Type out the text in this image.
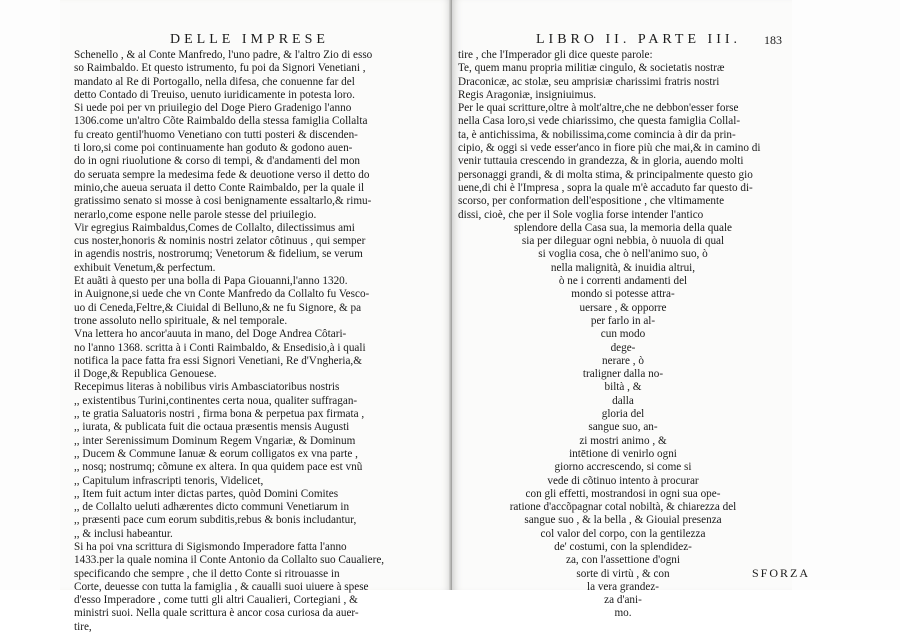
DELLE IMPRESE
Schenello , & al Conte Manfredo, l'uno padre, & l'altro Zio di esso
so Raimbaldo. Et questo istrumento, fu poi da Signori Venetiani ,
mandato al Re di Portogallo, nella difesa, che conuenne far del
detto Contado di Treuiso, uenuto iuridicamente in potesta loro.
Si uede poi per vn priuilegio del Doge Piero Gradenigo l'anno
1306.come un'altro Cõte Raimbaldo della stessa famiglia Collalta
fu creato gentil'huomo Venetiano con tutti posteri & discenden-
ti loro,si come poi continuamente han goduto & godono auen-
do in ogni riuolutione & corso di tempi, & d'andamenti del mon
do seruata sempre la medesima fede & deuotione verso il detto do
minio,che aueua seruata il detto Conte Raimbaldo, per la quale il
gratissimo senato si mosse à cosi benignamente essaltarlo,& rimu-
nerarlo,come espone nelle parole stesse del priuilegio.
Vir egregius Raimbaldus,Comes de Collalto, dilectissimus ami
cus noster,honoris & nominis nostri zelator côtinuus , qui semper
in agendis nostris, nostrorumq; Venetorum & fidelium, se verum
exhibuit Venetum,& perfectum.
Et auãti à questo per una bolla di Papa Giouanni,l'anno 1320.
in Auignone,si uede che vn Conte Manfredo da Collalto fu Vesco-
uo di Ceneda,Feltre,& Ciuidal di Belluno,& ne fu Signore, & pa
trone assoluto nello spirituale, & nel temporale.
Vna lettera ho ancor'auuta in mano, del Doge Andrea Côtari-
no l'anno 1368. scritta à i Conti Raimbaldo, & Ensedisio,à i quali
notifica la pace fatta fra essi Signori Venetiani, Re d'Vngheria,&
il Doge,& Republica Genouese.
Recepimus literas à nobilibus viris Ambasciatoribus nostris
,, existentibus Turini,continentes certa noua, qualiter suffragan-
,, te gratia Saluatoris nostri , firma bona & perpetua pax firmata ,
,, iurata, & publicata fuit die octaua præsentis mensis Augusti
,, inter Serenissimum Dominum Regem Vngariæ, & Dominum
,, Ducem & Commune Ianuæ & eorum colligatos ex vna parte ,
,, nosq; nostrumq; cõmune ex altera. In qua quidem pace est vnũ
,, Capitulum infrascripti tenoris, Videlicet,
,, Item fuit actum inter dictas partes, quòd Domini Comites
,, de Collalto ueluti adhærentes dicto communi Venetiarum in
,, præsenti pace cum eorum subditis,rebus & bonis includantur,
,, & inclusi habeantur.
Si ha poi vna scrittura di Sigismondo Imperadore fatta l'anno
1433.per la quale nomina il Conte Antonio da Collalto suo Caualiere,
specificando che sempre , che il detto Conte si ritrouasse in
Corte, deuesse con tutta la famiglia , & caualli suoi uiuere à spese
d'esso Imperadore , come tutti gli altri Caualieri, Cortegiani , &
ministri suoi. Nella quale scrittura è ancor cosa curiosa da auer-
tire,
LIBRO II. PARTE III. 183
tire , che l'Imperador gli dice queste parole:
Te, quem manu propria militiæ cingulo, & societatis nostræ
Draconicæ, ac stolæ, seu amprisiæ charissimi fratris nostri
Regis Aragoniæ, insigniuimus.
Per le quai scritture,oltre à molt'altre,che ne debbon'esser forse
nella Casa loro,si vede chiarissimo, che questa famiglia Collal-
ta, è antichissima, & nobilissima,come comincia à dir da prin-
cipio, & oggi si vede esser'anco in fiore più che mai,& in camino di
venir tuttauia crescendo in grandezza, & in gloria, auendo molti
personaggi grandi, & di molta stima, & principalmente questo gio
uene,di chi è l'Impresa , sopra la quale m'è accaduto far questo di-
scorso, per conformation dell'espositione , che vltimamente
dissi, cioè, che per il Sole voglia forse intender l'antico
splendore della Casa sua, la memoria della quale
sia per dileguar ogni nebbia, ò nuuola di qual
si voglia cosa, che ò nell'animo suo, ò
nella malignità, & inuidia altrui,
ò ne i correnti andamenti del
mondo si potesse attra-
uersare , & opporre
per farlo in al-
cun modo
dege-
nerare , ò
traligner dalla no-
biltà , &
dalla
gloria del
sangue suo, an-
zi mostri animo , &
intētione di venirlo ogni
giorno accrescendo, si come si
vede di cõtinuo intento à procurar
con gli effetti, mostrandosi in ogni sua ope-
ratione d'accõpagnar cotal nobiltà, & chiarezza del
sangue suo , & la bella , & Giouial presenza
col valor del corpo, con la gentilezza
de' costumi, con la splendidez-
za, con l'assettione d'ogni
sorte di virtù , & con
la vera grandez-
za d'ani-
mo.
SFORZA
